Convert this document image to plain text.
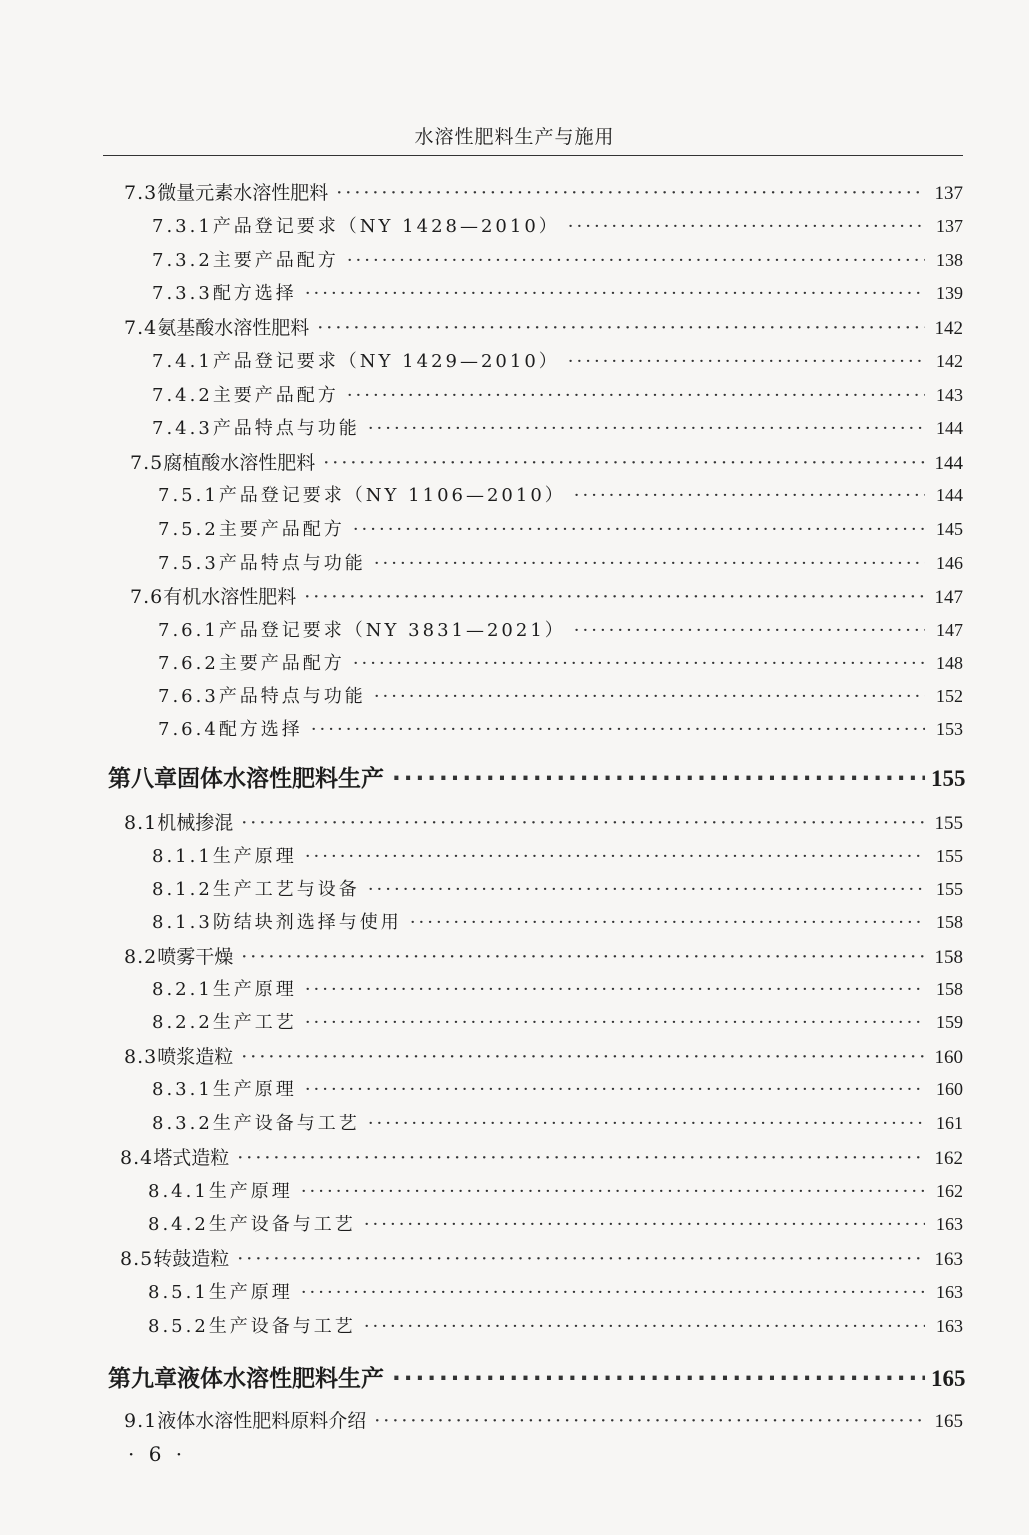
水溶性肥料生产与施用
7.3 微量元素水溶性肥料 ·····	137
7.3.1 产品登记要求（NY 1428—2010） ·····	137
7.3.2 主要产品配方 ·····	138
7.3.3 配方选择 ·····	139
7.4 氨基酸水溶性肥料 ·····	142
7.4.1 产品登记要求（NY 1429—2010） ·····	142
7.4.2 主要产品配方 ·····	143
7.4.3 产品特点与功能 ·····	144
7.5 腐植酸水溶性肥料 ·····	144
7.5.1 产品登记要求（NY 1106—2010） ·····	144
7.5.2 主要产品配方 ·····	145
7.5.3 产品特点与功能 ·····	146
7.6 有机水溶性肥料 ·····	147
7.6.1 产品登记要求（NY 3831—2021） ·····	147
7.6.2 主要产品配方 ·····	148
7.6.3 产品特点与功能 ·····	152
7.6.4 配方选择 ·····	153
第八章 固体水溶性肥料生产 ·····	155
8.1 机械掺混 ·····	155
8.1.1 生产原理 ·····	155
8.1.2 生产工艺与设备 ·····	155
8.1.3 防结块剂选择与使用 ·····	158
8.2 喷雾干燥 ·····	158
8.2.1 生产原理 ·····	158
8.2.2 生产工艺 ·····	159
8.3 喷浆造粒 ·····	160
8.3.1 生产原理 ·····	160
8.3.2 生产设备与工艺 ·····	161
8.4 塔式造粒 ·····	162
8.4.1 生产原理 ·····	162
8.4.2 生产设备与工艺 ·····	163
8.5 转鼓造粒 ·····	163
8.5.1 生产原理 ·····	163
8.5.2 生产设备与工艺 ·····	163
第九章 液体水溶性肥料生产 ·····	165
9.1 液体水溶性肥料原料介绍 ·····	165
· 6 ·
